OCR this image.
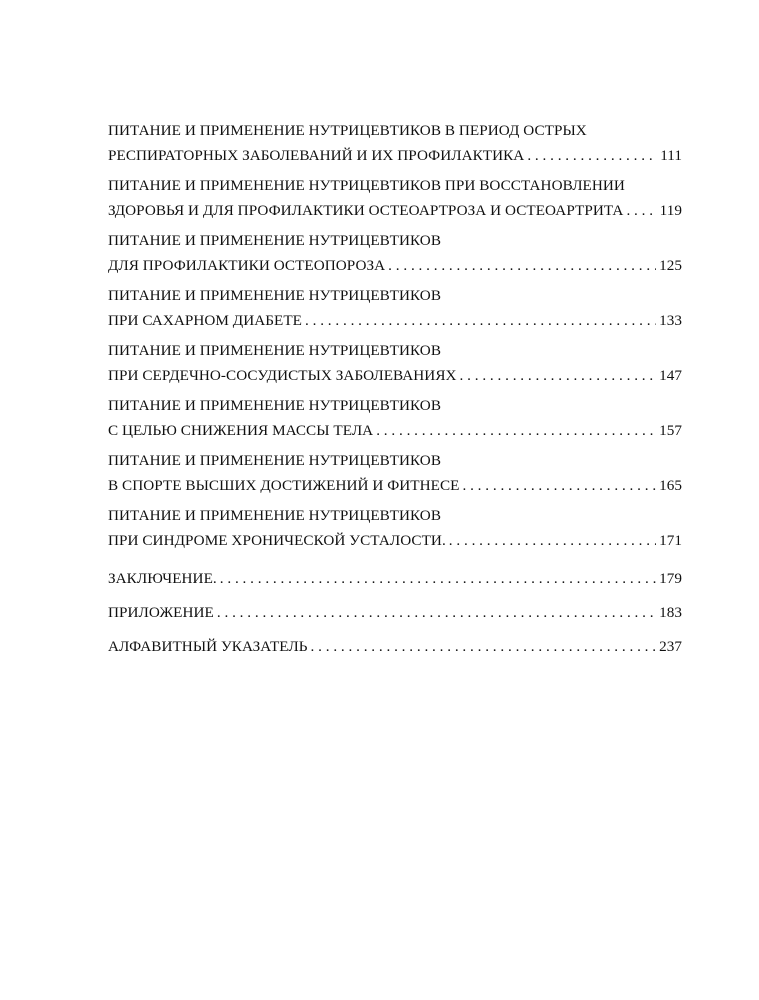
ПИТАНИЕ И ПРИМЕНЕНИЕ НУТРИЦЕВТИКОВ В ПЕРИОД ОСТРЫХ
РЕСПИРАТОРНЫХ ЗАБОЛЕВАНИЙ И ИХ ПРОФИЛАКТИКА . . .	111
ПИТАНИЕ И ПРИМЕНЕНИЕ НУТРИЦЕВТИКОВ ПРИ ВОССТАНОВЛЕНИИ
ЗДОРОВЬЯ И ДЛЯ ПРОФИЛАКТИКИ ОСТЕОАРТРОЗА И ОСТЕОАРТРИТА . . . 119
ПИТАНИЕ И ПРИМЕНЕНИЕ НУТРИЦЕВТИКОВ
ДЛЯ ПРОФИЛАКТИКИ ОСТЕОПОРОЗА . . .	125
ПИТАНИЕ И ПРИМЕНЕНИЕ НУТРИЦЕВТИКОВ
ПРИ САХАРНОМ ДИАБЕТЕ . . .	133
ПИТАНИЕ И ПРИМЕНЕНИЕ НУТРИЦЕВТИКОВ
ПРИ СЕРДЕЧНО-СОСУДИСТЫХ ЗАБОЛЕВАНИЯХ . . .	147
ПИТАНИЕ И ПРИМЕНЕНИЕ НУТРИЦЕВТИКОВ
С ЦЕЛЬЮ СНИЖЕНИЯ МАССЫ ТЕЛА . . .	157
ПИТАНИЕ И ПРИМЕНЕНИЕ НУТРИЦЕВТИКОВ
В СПОРТЕ ВЫСШИХ ДОСТИЖЕНИЙ И ФИТНЕСЕ . . .	165
ПИТАНИЕ И ПРИМЕНЕНИЕ НУТРИЦЕВТИКОВ
ПРИ СИНДРОМЕ ХРОНИЧЕСКОЙ УСТАЛОСТИ. . . .	171
ЗАКЛЮЧЕНИЕ. . . .	179
ПРИЛОЖЕНИЕ . . .	183
АЛФАВИТНЫЙ УКАЗАТЕЛЬ . . .	237
